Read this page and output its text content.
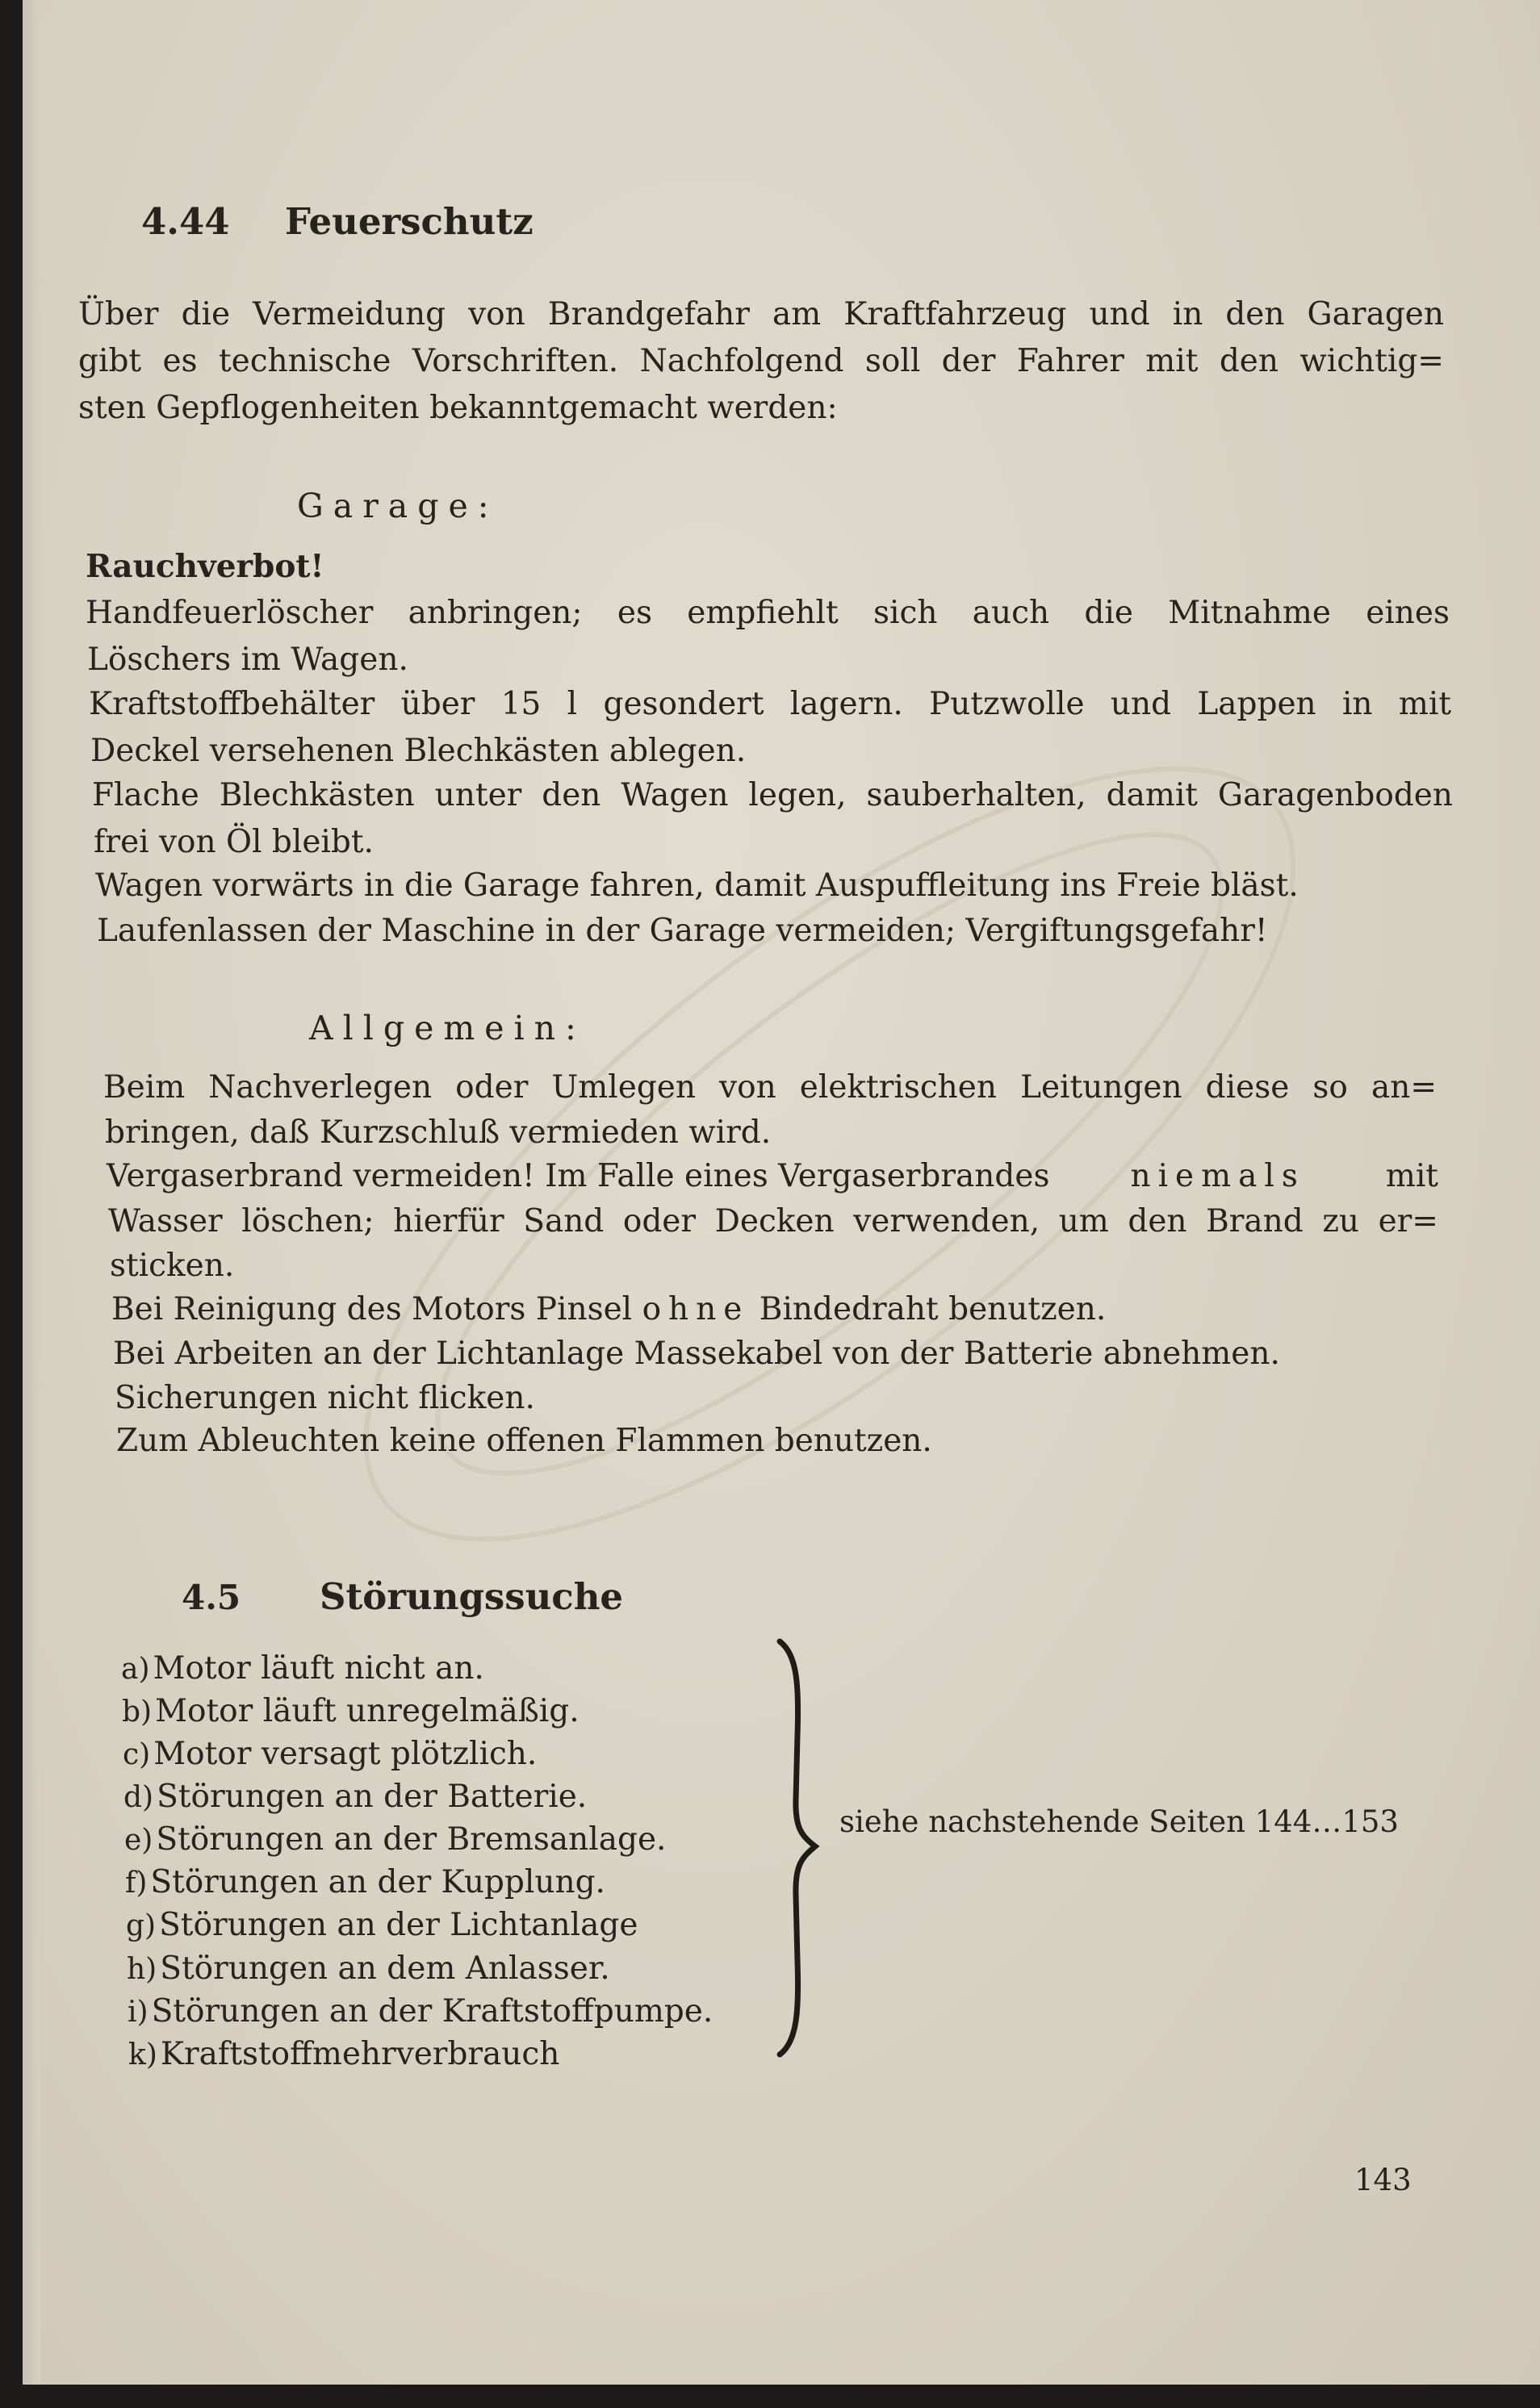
4.44 Feuerschutz
Über die Vermeidung von Brandgefahr am Kraftfahrzeug und in den Garagen
gibt es technische Vorschriften. Nachfolgend soll der Fahrer mit den wichtig=
sten Gepflogenheiten bekanntgemacht werden:
Garage:
Rauchverbot!
Handfeuerlöscher anbringen; es empfiehlt sich auch die Mitnahme eines
Löschers im Wagen.
Kraftstoffbehälter über 15 l gesondert lagern. Putzwolle und Lappen in mit
Deckel versehenen Blechkästen ablegen.
Flache Blechkästen unter den Wagen legen, sauberhalten, damit Garagenboden
frei von Öl bleibt.
Wagen vorwärts in die Garage fahren, damit Auspuffleitung ins Freie bläst.
Laufenlassen der Maschine in der Garage vermeiden; Vergiftungsgefahr!
Allgemein:
Beim Nachverlegen oder Umlegen von elektrischen Leitungen diese so an=
bringen, daß Kurzschluß vermieden wird.
Vergaserbrand vermeiden! Im Falle eines Vergaserbrandes	niemals	mit
Wasser löschen; hierfür Sand oder Decken verwenden, um den Brand zu er=
sticken.
Bei Reinigung des Motors Pinsel ohne Bindedraht benutzen.
Bei Arbeiten an der Lichtanlage Massekabel von der Batterie abnehmen.
Sicherungen nicht flicken.
Zum Ableuchten keine offenen Flammen benutzen.
4.5 Störungssuche
a) Motor läuft nicht an.
b) Motor läuft unregelmäßig.
c) Motor versagt plötzlich.
d) Störungen an der Batterie.
e) Störungen an der Bremsanlage.
f) Störungen an der Kupplung.
g) Störungen an der Lichtanlage
h) Störungen an dem Anlasser.
i) Störungen an der Kraftstoffpumpe.
k) Kraftstoffmehrverbrauch
siehe nachstehende Seiten 144…153
143
